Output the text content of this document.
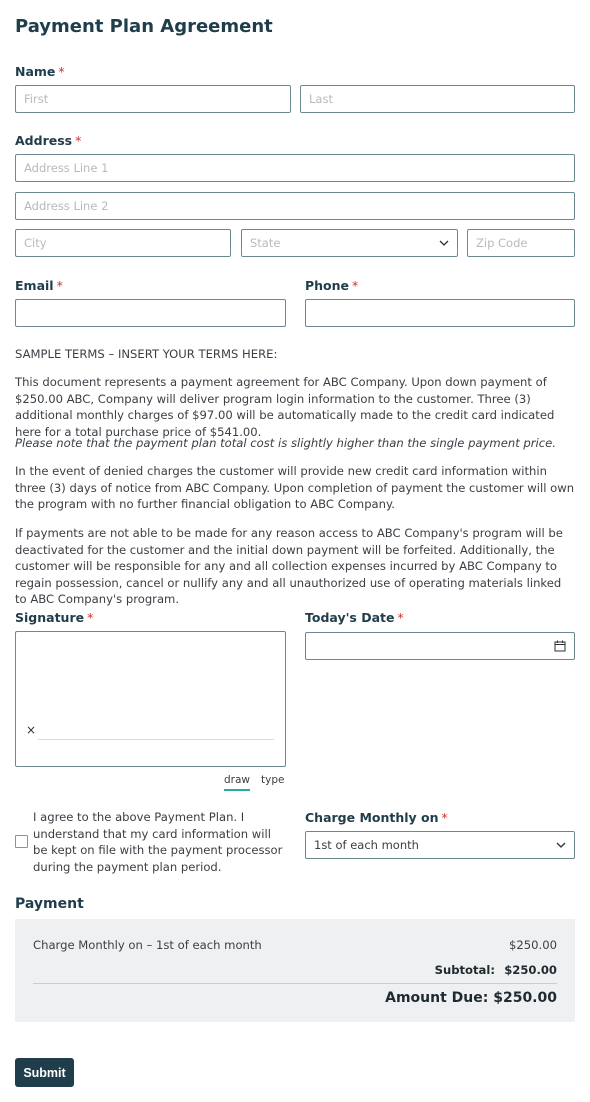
Payment Plan Agreement
Name *
First	Last
Address *
Address Line 1
Address Line 2
City	State	Zip Code
Email *	Phone *
SAMPLE TERMS – INSERT YOUR TERMS HERE:
This document represents a payment agreement for ABC Company. Upon down payment of $250.00 ABC, Company will deliver program login information to the customer. Three (3) additional monthly charges of $97.00 will be automatically made to the credit card indicated here for a total purchase price of $541.00.
Please note that the payment plan total cost is slightly higher than the single payment price.
In the event of denied charges the customer will provide new credit card information within three (3) days of notice from ABC Company. Upon completion of payment the customer will own the program with no further financial obligation to ABC Company.
If payments are not able to be made for any reason access to ABC Company's program will be deactivated for the customer and the initial down payment will be forfeited. Additionally, the customer will be responsible for any and all collection expenses incurred by ABC Company to regain possession, cancel or nullify any and all unauthorized use of operating materials linked to ABC Company's program.
Signature *
×
draw type
Today's Date *
I agree to the above Payment Plan. I understand that my card information will be kept on file with the payment processor during the payment plan period.
Charge Monthly on *
1st of each month
Payment
Charge Monthly on – 1st of each month	$250.00
Subtotal: $250.00
Amount Due: $250.00
Submit
